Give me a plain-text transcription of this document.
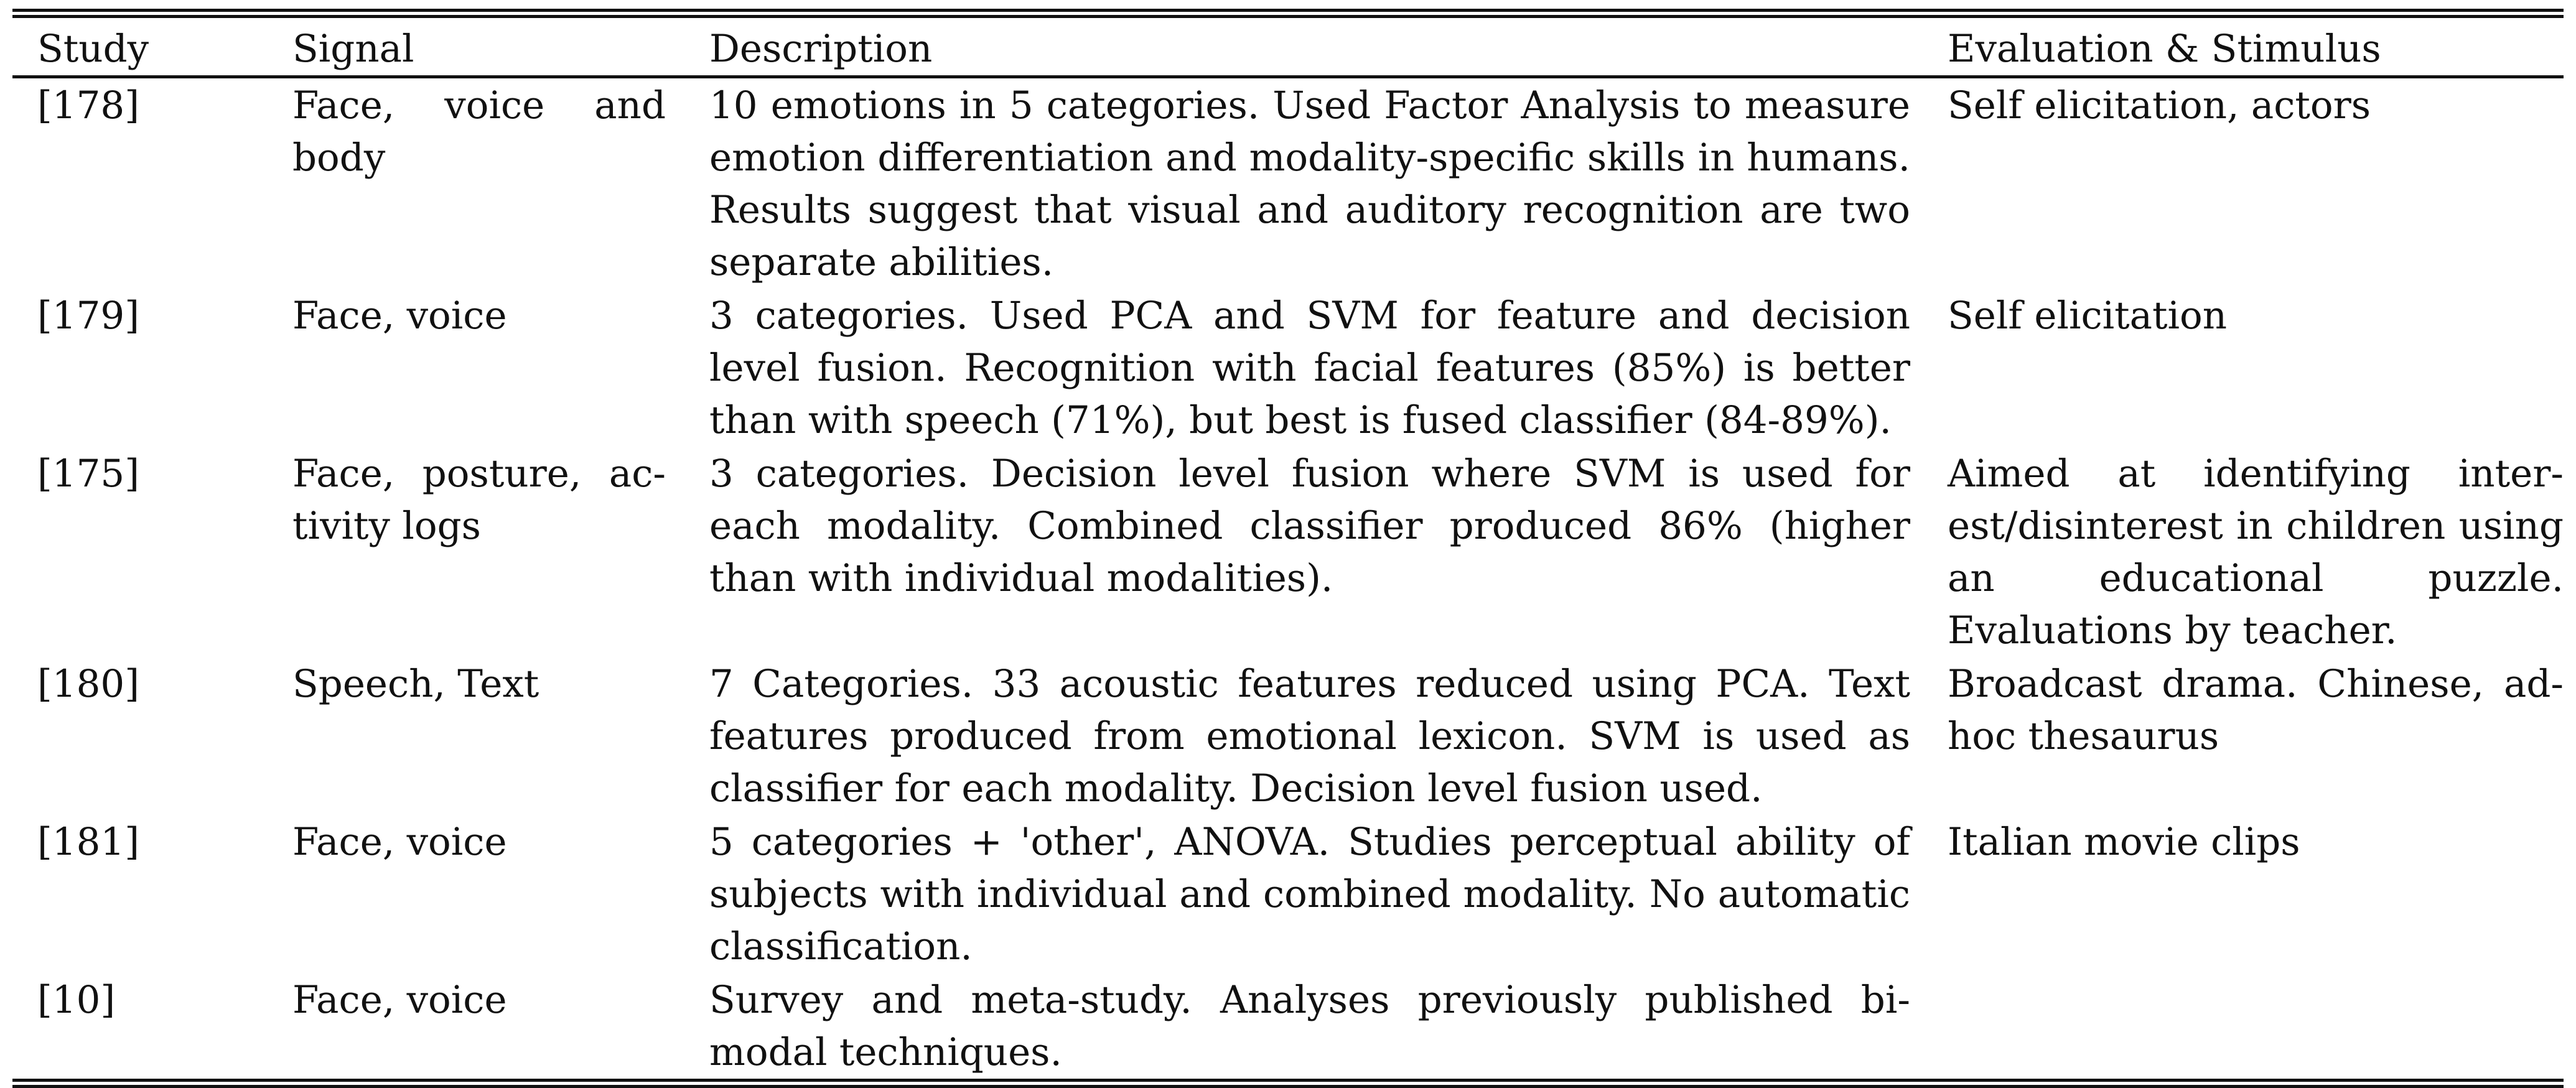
Study	Signal	Description	Evaluation & Stimulus
[178]	Face, voice and body	10 emotions in 5 categories. Used Factor Analysis to measure emotion differentiation and modality-specific skills in humans. Results suggest that visual and auditory recognition are two separate abilities.	Self elicitation, actors
[179]	Face, voice	3 categories. Used PCA and SVM for feature and decision level fusion. Recognition with facial features (85%) is better than with speech (71%), but best is fused classifier (84-89%).	Self elicitation
[175]	Face, posture, activity logs	3 categories. Decision level fusion where SVM is used for each modality. Combined classifier produced 86% (higher than with individual modalities).	Aimed at identifying interest/disinterest in children using an educational puzzle. Evaluations by teacher.
[180]	Speech, Text	7 Categories. 33 acoustic features reduced using PCA. Text features produced from emotional lexicon. SVM is used as classifier for each modality. Decision level fusion used.	Broadcast drama. Chinese, adhoc thesaurus
[181]	Face, voice	5 categories + 'other', ANOVA. Studies perceptual ability of subjects with individual and combined modality. No automatic classification.	Italian movie clips
[10]	Face, voice	Survey and meta-study. Analyses previously published bimodal techniques.	
